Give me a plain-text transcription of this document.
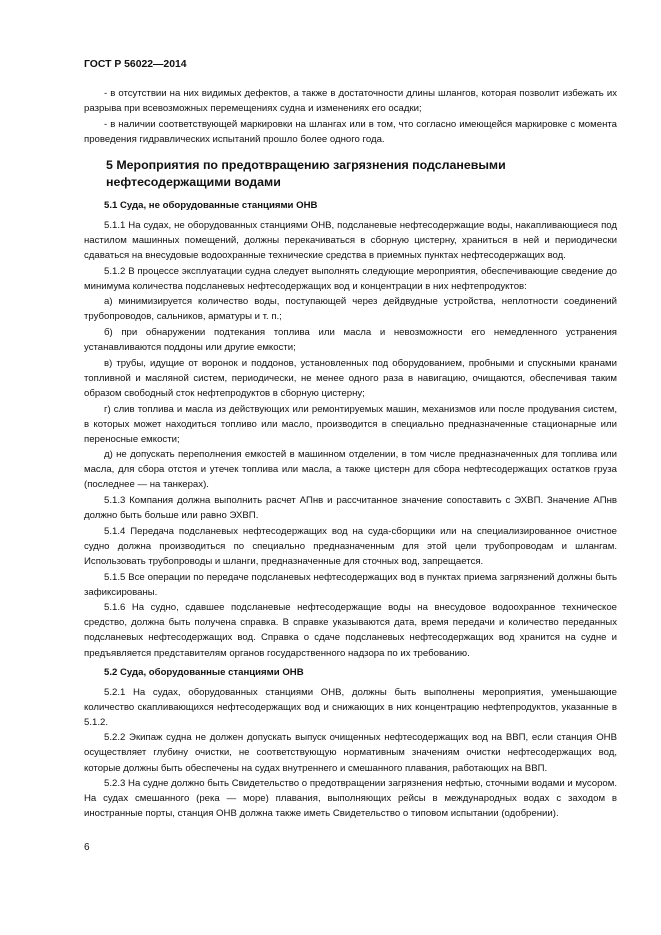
ГОСТ Р 56022—2014

- в отсутствии на них видимых дефектов, а также в достаточности длины шлангов, которая позволит избежать их разрыва при всевозможных перемещениях судна и изменениях его осадки;

- в наличии соответствующей маркировки на шлангах или в том, что согласно имеющейся маркировке с момента проведения гидравлических испытаний прошло более одного года.

5 Мероприятия по предотвращению загрязнения подсланевыми
нефтесодержащими водами
5.1 Суда, не оборудованные станциями ОНВ

5.1.1 На судах, не оборудованных станциями ОНВ, подсланевые нефтесодержащие воды, накапливающиеся под настилом машинных помещений, должны перекачиваться в сборную цистерну, храниться в ней и периодически сдаваться на внесудовые водоохранные технические средства в приемных пунктах нефтесодержащих вод.

5.1.2 В процессе эксплуатации судна следует выполнять следующие мероприятия, обеспечивающие сведение до минимума количества подсланевых нефтесодержащих вод и концентрации в них нефтепродуктов:

а) минимизируется количество воды, поступающей через дейдвудные устройства, неплотности соединений трубопроводов, сальников, арматуры и т. п.;

б) при обнаружении подтекания топлива или масла и невозможности его немедленного устранения устанавливаются поддоны или другие емкости;

в) трубы, идущие от воронок и поддонов, установленных под оборудованием, пробными и спускными кранами топливной и масляной систем, периодически, не менее одного раза в навигацию, очищаются, обеспечивая таким образом свободный сток нефтепродуктов в сборную цистерну;

г) слив топлива и масла из действующих или ремонтируемых машин, механизмов или после продувания систем, в которых может находиться топливо или масло, производится в специально предназначенные стационарные или переносные емкости;

д) не допускать переполнения емкостей в машинном отделении, в том числе предназначенных для топлива или масла, для сбора отстоя и утечек топлива или масла, а также цистерн для сбора нефтесодержащих остатков груза (последнее — на танкерах).

5.1.3 Компания должна выполнить расчет АПнв и рассчитанное значение сопоставить с ЭХВП. Значение АПнв должно быть больше или равно ЭХВП.

5.1.4 Передача подсланевых нефтесодержащих вод на суда-сборщики или на специализированное очистное судно должна производиться по специально предназначенным для этой цели трубопроводам и шлангам. Использовать трубопроводы и шланги, предназначенные для сточных вод, запрещается.

5.1.5 Все операции по передаче подсланевых нефтесодержащих вод в пунктах приема загрязнений должны быть зафиксированы.

5.1.6 На судно, сдавшее подсланевые нефтесодержащие воды на внесудовое водоохранное техническое средство, должна быть получена справка. В справке указываются дата, время передачи и количество переданных подсланевых нефтесодержащих вод. Справка о сдаче подсланевых нефтесодержащих вод хранится на судне и предъявляется представителям органов государственного надзора по их требованию.

5.2 Суда, оборудованные станциями ОНВ

5.2.1 На судах, оборудованных станциями ОНВ, должны быть выполнены мероприятия, уменьшающие количество скапливающихся нефтесодержащих вод и снижающих в них концентрацию нефтепродуктов, указанные в 5.1.2.

5.2.2 Экипаж судна не должен допускать выпуск очищенных нефтесодержащих вод на ВВП, если станция ОНВ осуществляет глубину очистки, не соответствующую нормативным значениям очистки нефтесодержащих вод, которые должны быть обеспечены на судах внутреннего и смешанного плавания, работающих на ВВП.

5.2.3 На судне должно быть Свидетельство о предотвращении загрязнения нефтью, сточными водами и мусором. На судах смешанного (река — море) плавания, выполняющих рейсы в международных водах с заходом в иностранные порты, станция ОНВ должна также иметь Свидетельство о типовом испытании (одобрении).

6
